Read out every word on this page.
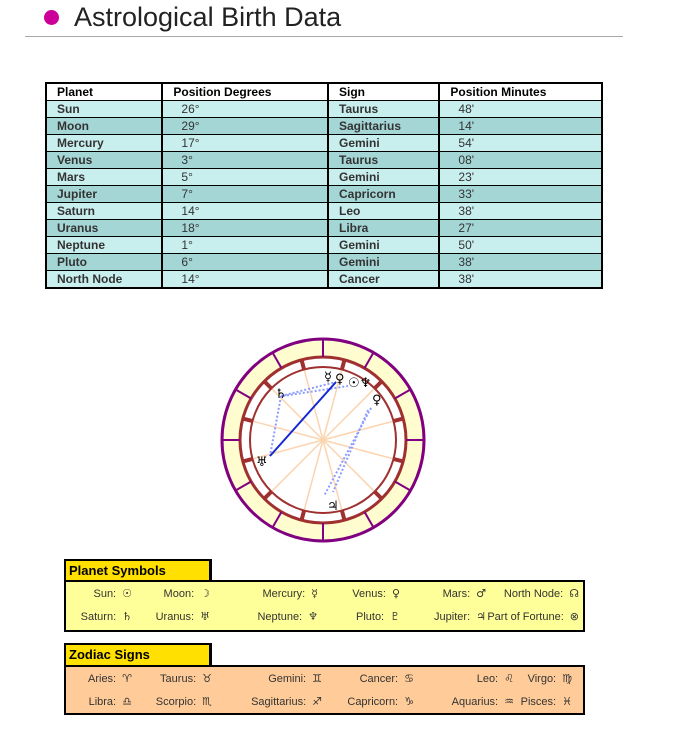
Astrological Birth Data
Planet	Position Degrees	Sign	Position Minutes
Sun	26°	Taurus	48'
Moon	29°	Sagittarius	14'
Mercury	17°	Gemini	54'
Venus	3°	Taurus	08'
Mars	5°	Gemini	23'
Jupiter	7°	Capricorn	33'
Saturn	14°	Leo	38'
Uranus	18°	Libra	27'
Neptune	1°	Gemini	50'
Pluto	6°	Gemini	38'
North Node	14°	Cancer	38'
☿ ♀ ☉♆
♀
♄
♅
♃
Planet Symbols
Sun: ☉	Moon: ☽	Mercury: ☿	Venus: ♀	Mars: ♂	North Node: ☊
Saturn: ♄	Uranus: ♅	Neptune: ♆	Pluto: ♇	Jupiter: ♃ Part of Fortune: ⊗
Zodiac Signs
Aries: ♈	Taurus: ♉	Gemini: ♊	Cancer: ♋	Leo: ♌	Virgo: ♍
Libra: ♎	Scorpio: ♏	Sagittarius: ♐	Capricorn: ♑	Aquarius: ♒ Pisces: ♓
